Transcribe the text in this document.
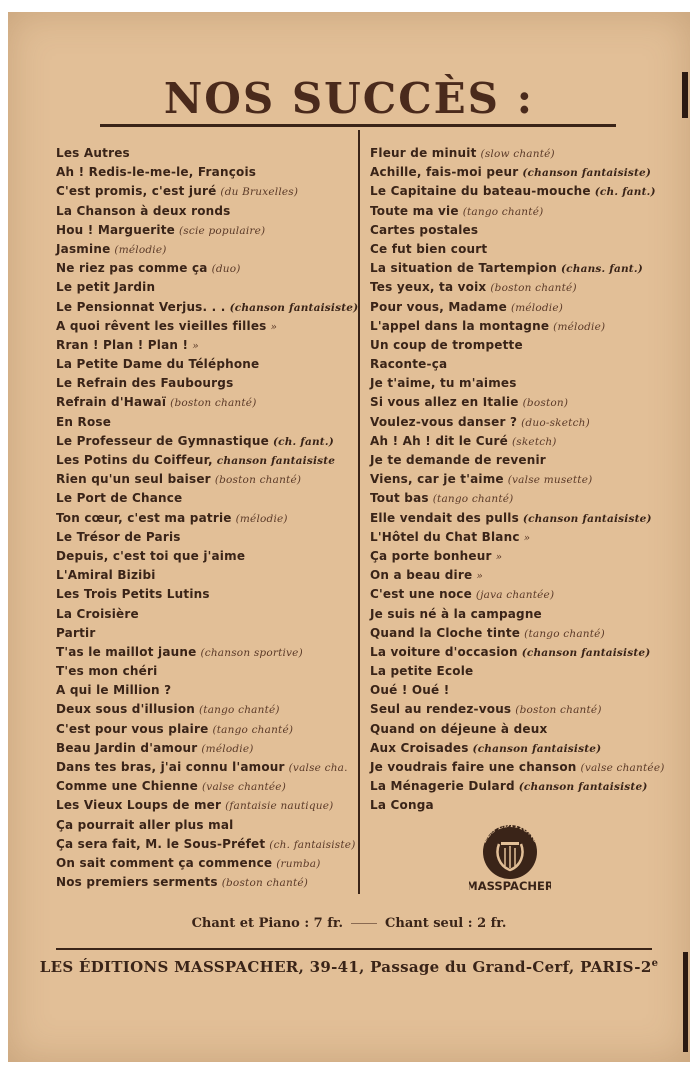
NOS SUCCÈS :
Les Autres
Ah ! Redis-le-me-le, François
C'est promis, c'est juré (du Bruxelles)
La Chanson à deux ronds
Hou ! Marguerite (scie populaire)
Jasmine (mélodie)
Ne riez pas comme ça (duo)
Le petit Jardin
Le Pensionnat Verjus. . . (chanson fantaisiste)
A quoi rêvent les vieilles filles »
Rran ! Plan ! Plan ! »
La Petite Dame du Téléphone
Le Refrain des Faubourgs
Refrain d'Hawaï (boston chanté)
En Rose
Le Professeur de Gymnastique (ch. fant.)
Les Potins du Coiffeur, chanson fantaisiste
Rien qu'un seul baiser (boston chanté)
Le Port de Chance
Ton cœur, c'est ma patrie (mélodie)
Le Trésor de Paris
Depuis, c'est toi que j'aime
L'Amiral Bizibi
Les Trois Petits Lutins
La Croisière
Partir
T'as le maillot jaune (chanson sportive)
T'es mon chéri
A qui le Million ?
Deux sous d'illusion (tango chanté)
C'est pour vous plaire (tango chanté)
Beau Jardin d'amour (mélodie)
Dans tes bras, j'ai connu l'amour (valse cha.
Comme une Chienne (valse chantée)
Les Vieux Loups de mer (fantaisie nautique)
Ça pourrait aller plus mal
Ça sera fait, M. le Sous-Préfet (ch. fantaisiste)
On sait comment ça commence (rumba)
Nos premiers serments (boston chanté)
Fleur de minuit (slow chanté)
Achille, fais-moi peur (chanson fantaisiste)
Le Capitaine du bateau-mouche (ch. fant.)
Toute ma vie (tango chanté)
Cartes postales
Ce fut bien court
La situation de Tartempion (chans. fant.)
Tes yeux, ta voix (boston chanté)
Pour vous, Madame (mélodie)
L'appel dans la montagne (mélodie)
Un coup de trompette
Raconte-ça
Je t'aime, tu m'aimes
Si vous allez en Italie (boston)
Voulez-vous danser ? (duo-sketch)
Ah ! Ah ! dit le Curé (sketch)
Je te demande de revenir
Viens, car je t'aime (valse musette)
Tout bas (tango chanté)
Elle vendait des pulls (chanson fantaisiste)
L'Hôtel du Chat Blanc »
Ça porte bonheur »
On a beau dire »
C'est une noce (java chantée)
Je suis né à la campagne
Quand la Cloche tinte (tango chanté)
La voiture d'occasion (chanson fantaisiste)
La petite Ecole
Oué ! Oué !
Seul au rendez-vous (boston chanté)
Quand on déjeune à deux
Aux Croisades (chanson fantaisiste)
Je voudrais faire une chanson (valse chantée)
La Ménagerie Dulard (chanson fantaisiste)
La Conga
LES ÉDITIONS
MASSPACHER
Chant et Piano : 7 fr.	Chant seul : 2 fr.
LES ÉDITIONS MASSPACHER, 39-41, Passage du Grand-Cerf, PARIS-2e
